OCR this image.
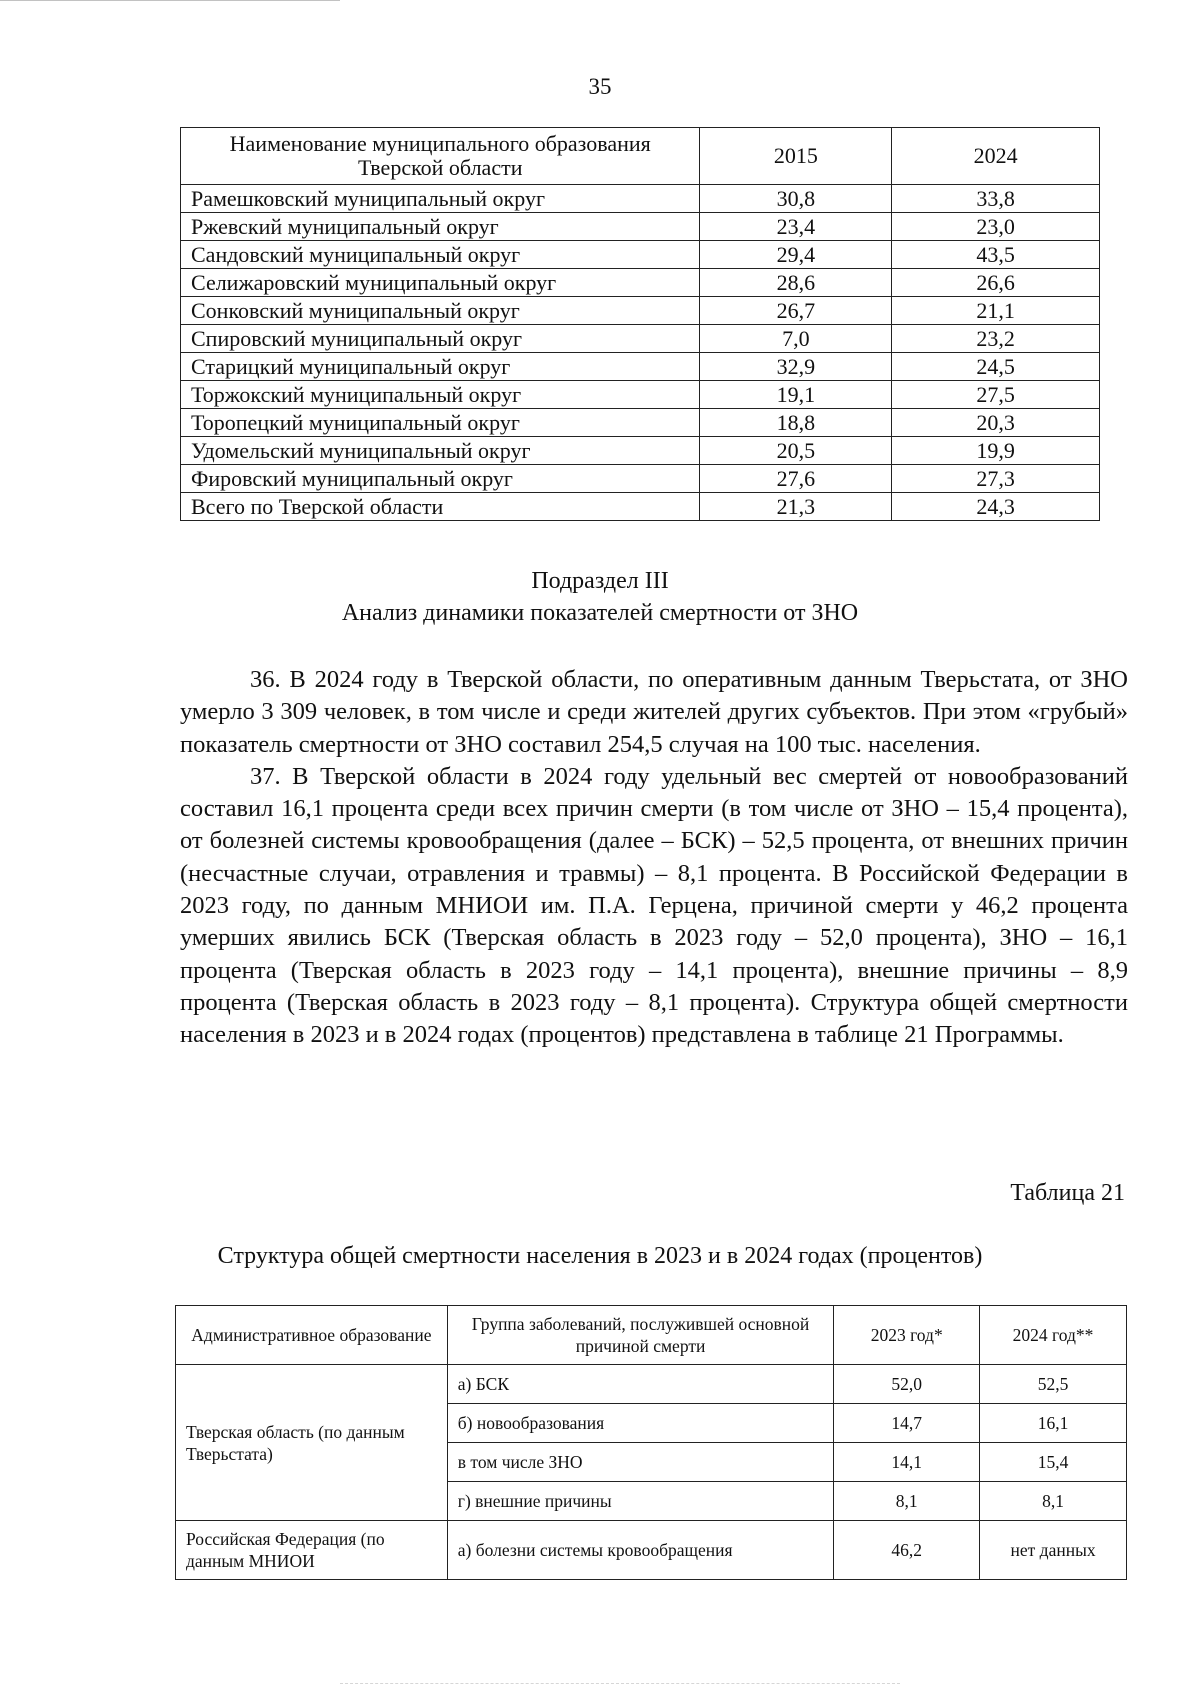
35
Наименование муниципального образования Тверской области	2015	2024
Рамешковский муниципальный округ	30,8	33,8
Ржевский муниципальный округ	23,4	23,0
Сандовский муниципальный округ	29,4	43,5
Селижаровский муниципальный округ	28,6	26,6
Сонковский муниципальный округ	26,7	21,1
Спировский муниципальный округ	7,0	23,2
Старицкий муниципальный округ	32,9	24,5
Торжокский муниципальный округ	19,1	27,5
Торопецкий муниципальный округ	18,8	20,3
Удомельский муниципальный округ	20,5	19,9
Фировский муниципальный округ	27,6	27,3
Всего по Тверской области	21,3	24,3
Подраздел III
Анализ динамики показателей смертности от ЗНО

36. В 2024 году в Тверской области, по оперативным данным Тверьстата, от ЗНО умерло 3 309 человек, в том числе и среди жителей других субъектов. При этом «грубый» показатель смертности от ЗНО составил 254,5 случая на 100 тыс. населения.

37. В Тверской области в 2024 году удельный вес смертей от новообразований составил 16,1 процента среди всех причин смерти (в том числе от ЗНО – 15,4 процента), от болезней системы кровообращения (далее – БСК) – 52,5 процента, от внешних причин (несчастные случаи, отравления и травмы) – 8,1 процента. В Российской Федерации в 2023 году, по данным МНИОИ им. П.А. Герцена, причиной смерти у 46,2 процента умерших явились БСК (Тверская область в 2023 году – 52,0 процента), ЗНО – 16,1 процента (Тверская область в 2023 году – 14,1 процента), внешние причины – 8,9 процента (Тверская область в 2023 году – 8,1 процента). Структура общей смертности населения в 2023 и в 2024 годах (процентов) представлена в таблице 21 Программы.

Таблица 21
Структура общей смертности населения в 2023 и в 2024 годах (процентов)
Административное образование	Группа заболеваний, послужившей основной причиной смерти	2023 год*	2024 год**
Тверская область (по данным Тверьстата)	а) БСК	52,0	52,5
	б) новообразования	14,7	16,1
	в том числе ЗНО	14,1	15,4
	г) внешние причины	8,1	8,1
Российская Федерация (по данным МНИОИ	а) болезни системы кровообращения	46,2	нет данных
